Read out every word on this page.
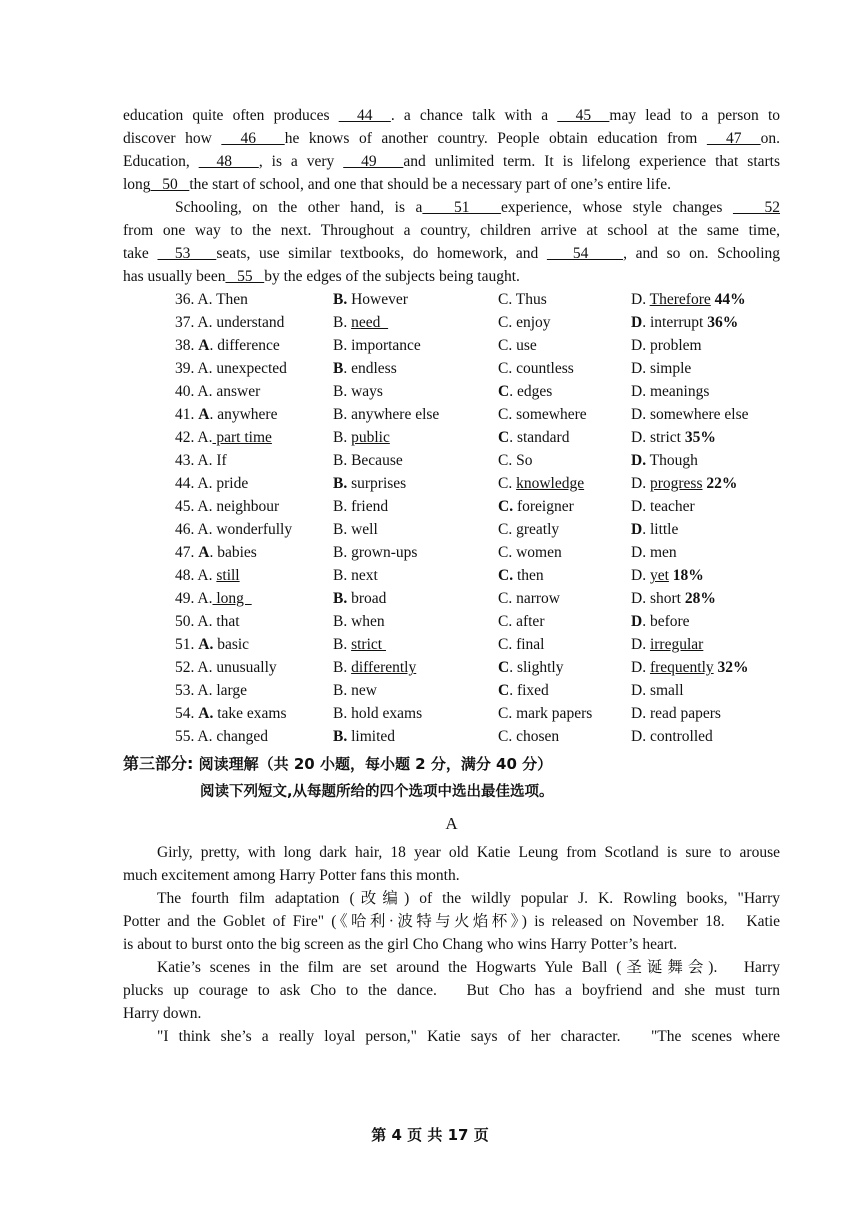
education quite often produces   44  . a chance talk with a   45  may lead to a person to
discover how   46   he knows of another country. People obtain education from   47  on.
Education,   48   , is a very   49   and unlimited term. It is lifelong experience that starts
long   50   the start of school, and one that should be a necessary part of one’s entire life.
Schooling, on the other hand, is a   51   experience, whose style changes    52
from one way to the next. Throughout a country, children arrive at school at the same time,
take   53   seats, use similar textbooks, do homework, and    54    , and so on. Schooling
has usually been   55   by the edges of the subjects being taught.
36. A. Then	B. However	C. Thus	D. Therefore 44%
37. A. understand	B. need	C. enjoy	D. interrupt 36%
38. A. difference	B. importance	C. use	D. problem
39. A. unexpected	B. endless	C. countless	D. simple
40. A. answer	B. ways	C. edges	D. meanings
41. A. anywhere	B. anywhere else	C. somewhere	D. somewhere else
42. A. part time	B. public	C. standard	D. strict 35%
43. A. If	B. Because	C. So	D. Though
44. A. pride	B. surprises	C. knowledge	D. progress 22%
45. A. neighbour	B. friend	C. foreigner	D. teacher
46. A. wonderfully	B. well	C. greatly	D. little
47. A. babies	B. grown-ups	C. women	D. men
48. A. still	B. next	C. then	D. yet 18%
49. A. long	B. broad	C. narrow	D. short 28%
50. A. that	B. when	C. after	D. before
51. A. basic	B. strict	C. final	D. irregular
52. A. unusually	B. differently	C. slightly	D. frequently 32%
53. A. large	B. new	C. fixed	D. small
54. A. take exams	B. hold exams	C. mark papers D. read papers
55. A. changed	B. limited	C. chosen	D. controlled
第三部分: 阅读理解（共 20 小题，每小题 2 分，满分 40 分）
阅读下列短文,从每题所给的四个选项中选出最佳选项。
A
Girly, pretty, with long dark hair, 18 year old Katie Leung from Scotland is sure to arouse
much excitement among Harry Potter fans this month.
The fourth film adaptation (改编) of the wildly popular J. K. Rowling books, "Harry
Potter and the Goblet of Fire" (《哈利·波特与火焰杯》) is released on November 18.   Katie
is about to burst onto the big screen as the girl Cho Chang who wins Harry Potter’s heart.
Katie’s scenes in the film are set around the Hogwarts Yule Ball (圣诞舞会).   Harry
plucks up courage to ask Cho to the dance.   But Cho has a boyfriend and she must turn
Harry down.
"I think she’s a really loyal person," Katie says of her character.   "The scenes where
第 4 页 共 17 页
